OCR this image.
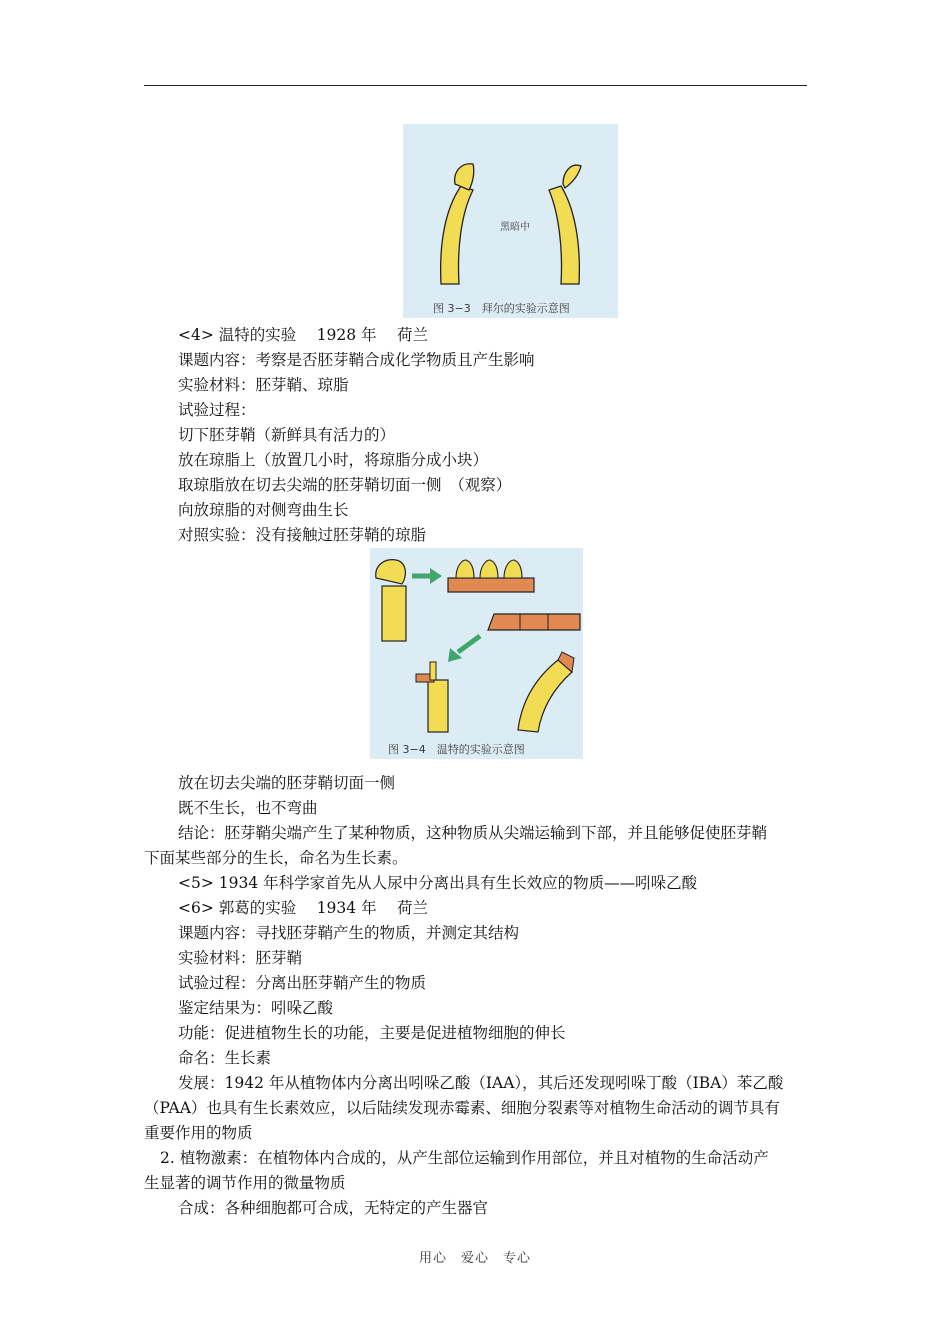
黑暗中
图 3−3　拜尔的实验示意图
图 3−4　温特的实验示意图
<4> 温特的实验　 1928 年　 荷兰
课题内容：考察是否胚芽鞘合成化学物质且产生影响
实验材料：胚芽鞘、琼脂
试验过程：
切下胚芽鞘（新鲜具有活力的）
放在琼脂上（放置几小时，将琼脂分成小块）
取琼脂放在切去尖端的胚芽鞘切面一侧　（观察）
向放琼脂的对侧弯曲生长
对照实验：没有接触过胚芽鞘的琼脂
放在切去尖端的胚芽鞘切面一侧
既不生长，也不弯曲
结论：胚芽鞘尖端产生了某种物质，这种物质从尖端运输到下部，并且能够促使胚芽鞘
下面某些部分的生长，命名为生长素。
<5> 1934 年科学家首先从人尿中分离出具有生长效应的物质——吲哚乙酸
<6> 郭葛的实验　 1934 年　 荷兰
课题内容：寻找胚芽鞘产生的物质，并测定其结构
实验材料：胚芽鞘
试验过程：分离出胚芽鞘产生的物质
鉴定结果为：吲哚乙酸
功能：促进植物生长的功能，主要是促进植物细胞的伸长
命名：生长素
发展：1942 年从植物体内分离出吲哚乙酸（IAA），其后还发现吲哚丁酸（IBA）苯乙酸
（PAA）也具有生长素效应，以后陆续发现赤霉素、细胞分裂素等对植物生命活动的调节具有
重要作用的物质
2. 植物激素：在植物体内合成的，从产生部位运输到作用部位，并且对植物的生命活动产
生显著的调节作用的微量物质
合成：各种细胞都可合成，无特定的产生器官
用心　爱心　专心
